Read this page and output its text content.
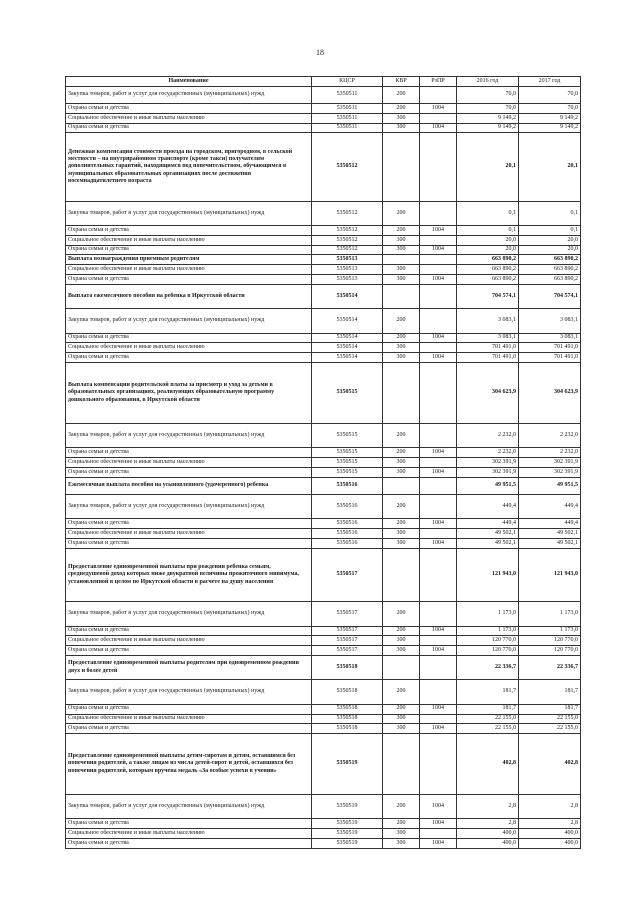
18
Наименование	КЦСР	КВР	РзПР	2016 год	2017 год
Закупка товаров, работ и услуг для государственных (муниципальных) нужд	5350511	200		70,0	70,0
Охрана семьи и детства	5350511	200	1004	70,0	70,0
Социальное обеспечение и иные выплаты населению	5350511	300		9 149,2	9 149,2
Охрана семьи и детства	5350511	300	1004	9 149,2	9 149,2
Денежная компенсация стоимости проезда на городском, пригородном, в сельской местности – на внутрирайонном транспорте (кроме такси) получателям дополнительных гарантий, находящимся под попечительством, обучающимся в муниципальных образовательных организациях после достижения восемнадцатилетнего возраста	5350512			20,1	20,1
Закупка товаров, работ и услуг для государственных (муниципальных) нужд	5350512	200		0,1	0,1
Охрана семьи и детства	5350512	200	1004	0,1	0,1
Социальное обеспечение и иные выплаты населению	5350512	300		20,0	20,0
Охрана семьи и детства	5350512	300	1004	20,0	20,0
Выплата вознаграждения приемным родителям	5350513			663 890,2	663 890,2
Социальное обеспечение и иные выплаты населению	5350513	300		663 890,2	663 890,2
Охрана семьи и детства	5350513	300	1004	663 890,2	663 890,2
Выплата ежемесячного пособия на ребенка в Иркутской области	5350514			704 574,1	704 574,1
Закупка товаров, работ и услуг для государственных (муниципальных) нужд	5350514	200		3 083,1	3 083,1
Охрана семьи и детства	5350514	200	1004	3 083,1	3 083,1
Социальное обеспечение и иные выплаты населению	5350514	300		701 491,0	701 491,0
Охрана семьи и детства	5350514	300	1004	701 491,0	701 491,0
Выплата компенсации родительской платы за присмотр и уход за детьми в образовательных организациях, реализующих образовательную программу дошкольного образования, в Иркутской области	5350515			304 623,9	304 623,9
Закупка товаров, работ и услуг для государственных (муниципальных) нужд	5350515	200		2 232,0	2 232,0
Охрана семьи и детства	5350515	200	1004	2 232,0	2 232,0
Социальное обеспечение и иные выплаты населению	5350515	300		302 391,9	302 391,9
Охрана семьи и детства	5350515	300	1004	302 391,9	302 391,9
Ежемесячная выплата пособия на усыновленного (удочеренного) ребенка	5350516			49 951,5	49 951,5
Закупка товаров, работ и услуг для государственных (муниципальных) нужд	5350516	200		449,4	449,4
Охрана семьи и детства	5350516	200	1004	449,4	449,4
Социальное обеспечение и иные выплаты населению	5350516	300		49 502,1	49 502,1
Охрана семьи и детства	5350516	300	1004	49 502,1	49 502,1
Предоставление единовременной выплаты при рождении ребенка семьям, среднедушевой доход которых ниже двукратной величины прожиточного минимума, установленной в целом по Иркутской области в расчете на душу населения	5350517			121 943,0	121 943,0
Закупка товаров, работ и услуг для государственных (муниципальных) нужд	5350517	200		1 173,0	1 173,0
Охрана семьи и детства	5350517	200	1004	1 173,0	1 173,0
Социальное обеспечение и иные выплаты населению	5350517	300		120 770,0	120 770,0
Охрана семьи и детства	5350517	300	1004	120 770,0	120 770,0
Предоставление единовременной выплаты родителям при одновременном рождении двух и более детей	5350518			22 336,7	22 336,7
Закупка товаров, работ и услуг для государственных (муниципальных) нужд	5350518	200		181,7	181,7
Охрана семьи и детства	5350518	200	1004	181,7	181,7
Социальное обеспечение и иные выплаты населению	5350518	300		22 155,0	22 155,0
Охрана семьи и детства	5350518	300	1004	22 155,0	22 155,0
Предоставление единовременной выплаты детям-сиротам и детям, оставшимся без попечения родителей, а также лицам из числа детей-сирот и детей, оставшихся без попечения родителей, которым вручена медаль «За особые успехи в учении»	5350519			402,8	402,8
Закупка товаров, работ и услуг для государственных (муниципальных) нужд	5350519	200	1004	2,8	2,8
Охрана семьи и детства	5350519	200	1004	2,8	2,8
Социальное обеспечение и иные выплаты населению	5350519	300		400,0	400,0
Охрана семьи и детства	5350519	300	1004	400,0	400,0
